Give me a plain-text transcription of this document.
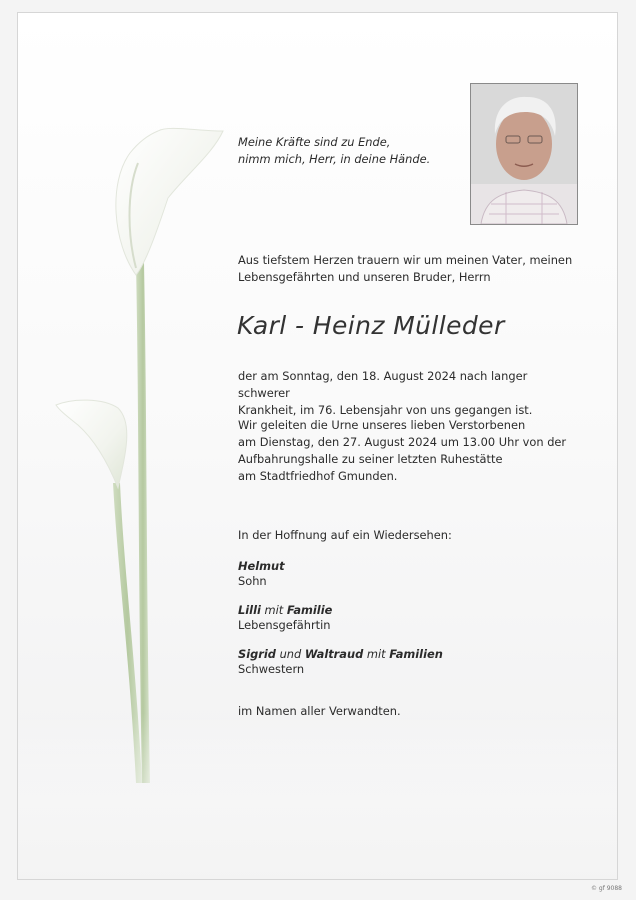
Meine Kräfte sind zu Ende,
nimm mich, Herr, in deine Hände.
Aus tiefstem Herzen trauern wir um meinen Vater, meinen
Lebensgefährten und unseren Bruder, Herrn
Karl - Heinz Mülleder
der am Sonntag, den 18. August 2024 nach langer schwerer
Krankheit, im 76. Lebensjahr von uns gegangen ist.
Wir geleiten die Urne unseres lieben Verstorbenen
am Dienstag, den 27. August 2024 um 13.00 Uhr von der
Aufbahrungshalle zu seiner letzten Ruhestätte
am Stadtfriedhof Gmunden.
In der Hoffnung auf ein Wiedersehen:
Helmut
Sohn
Lilli mit Familie
Lebensgefährtin
Sigrid und Waltraud mit Familien
Schwestern
im Namen aller Verwandten.
© gf 9088
